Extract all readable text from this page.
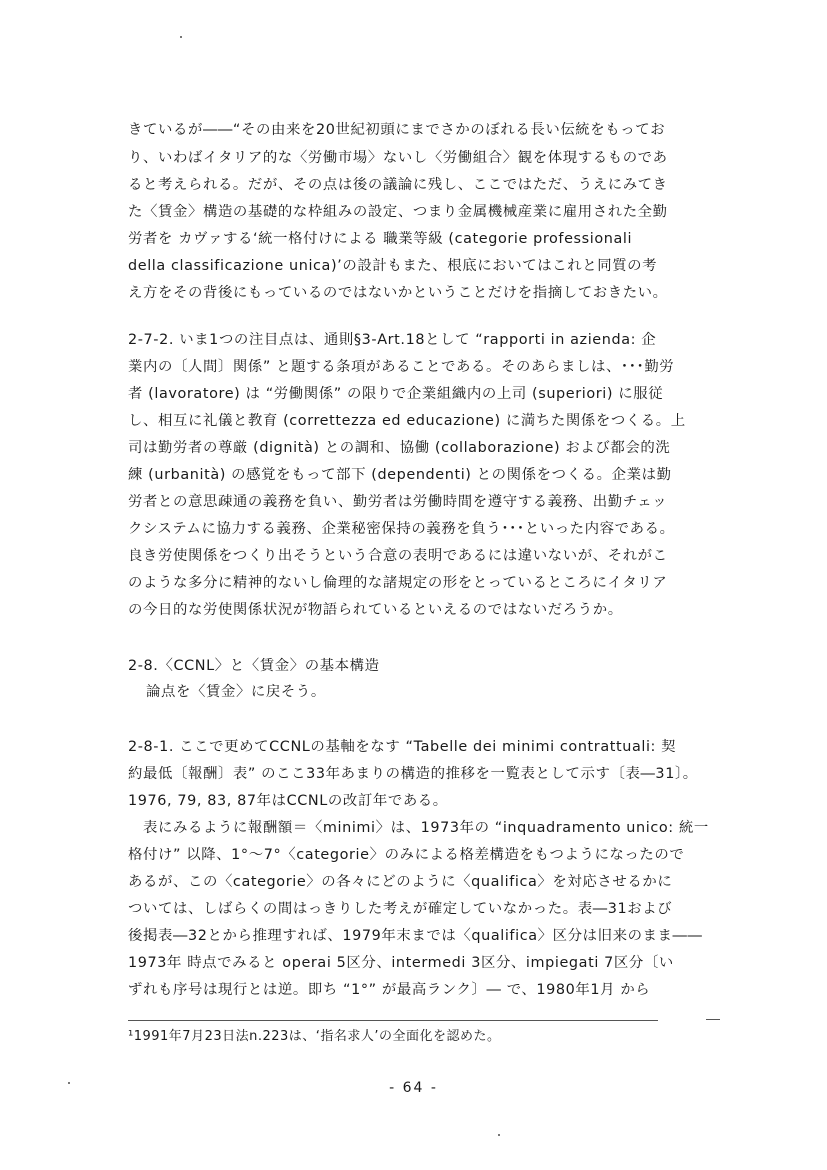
きているが――“その由来を20世紀初頭にまでさかのぼれる長い伝統をもってお
り、いわばイタリア的な〈労働市場〉ないし〈労働組合〉観を体現するものであ
ると考えられる。だが、その点は後の議論に残し、ここではただ、うえにみてき
た〈賃金〉構造の基礎的な枠組みの設定、つまり金属機械産業に雇用された全勤
労者を カヴァする‘統一格付けによる 職業等級 (categorie professionali
della classificazione unica)’の設計もまた、根底においてはこれと同質の考
え方をその背後にもっているのではないかということだけを指摘しておきたい。
2-7-2. いま1つの注目点は、通則§3-Art.18として “rapporti in azienda: 企
業内の〔人間〕関係” と題する条項があることである。そのあらましは、･･･勤労
者 (lavoratore) は “労働関係” の限りで企業組織内の上司 (superiori) に服従
し、相互に礼儀と教育 (correttezza ed educazione) に満ちた関係をつくる。上
司は勤労者の尊厳 (dignità) との調和、協働 (collaborazione) および都会的洗
練 (urbanità) の感覚をもって部下 (dependenti) との関係をつくる。企業は勤
労者との意思疎通の義務を負い、勤労者は労働時間を遵守する義務、出勤チェッ
クシステムに協力する義務、企業秘密保持の義務を負う･･･といった内容である。
良き労使関係をつくり出そうという合意の表明であるには違いないが、それがこ
のような多分に精神的ないし倫理的な諸規定の形をとっているところにイタリア
の今日的な労使関係状況が物語られているといえるのではないだろうか。
2-8.〈CCNL〉と〈賃金〉の基本構造
論点を〈賃金〉に戻そう。
2-8-1. ここで更めてCCNLの基軸をなす “Tabelle dei minimi contrattuali: 契
約最低〔報酬〕表” のここ33年あまりの構造的推移を一覧表として示す〔表―31〕。
1976, 79, 83, 87年はCCNLの改訂年である。
　表にみるように報酬額＝〈minimi〉は、1973年の “inquadramento unico: 統一
格付け” 以降、1°～7°〈categorie〉のみによる格差構造をもつようになったので
あるが、この〈categorie〉の各々にどのように〈qualifica〉を対応させるかに
ついては、しばらくの間はっきりした考えが確定していなかった。表―31および
後掲表―32とから推理すれば、1979年末までは〈qualifica〉区分は旧来のまま――
1973年 時点でみると operai 5区分、intermedi 3区分、impiegati 7区分〔い
ずれも序号は現行とは逆。即ち “1°” が最高ランク〕― で、1980年1月 から
¹1991年7月23日法n.223は、‘指名求人’の全面化を認めた。
- 64 -
